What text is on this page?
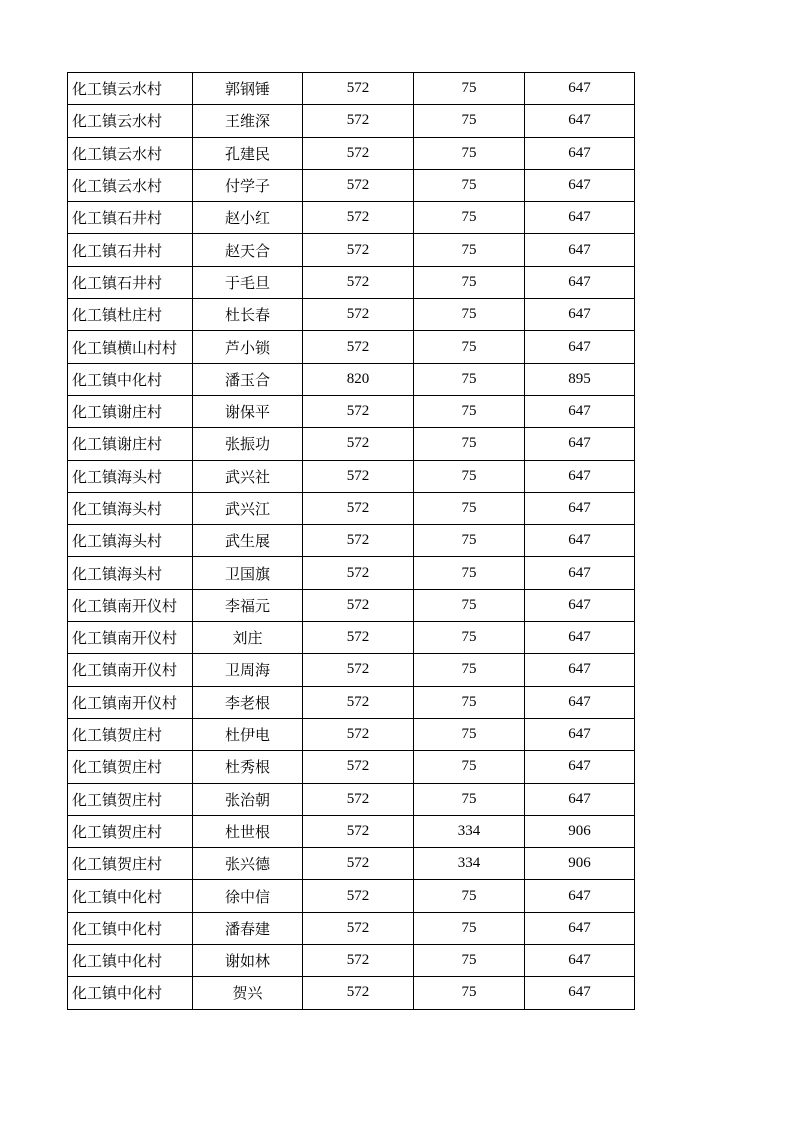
化工镇云水村	郭钢锤	572	75	647
化工镇云水村	王维深	572	75	647
化工镇云水村	孔建民	572	75	647
化工镇云水村	付学子	572	75	647
化工镇石井村	赵小红	572	75	647
化工镇石井村	赵天合	572	75	647
化工镇石井村	于毛旦	572	75	647
化工镇杜庄村	杜长春	572	75	647
化工镇横山村村	芦小锁	572	75	647
化工镇中化村	潘玉合	820	75	895
化工镇谢庄村	谢保平	572	75	647
化工镇谢庄村	张振功	572	75	647
化工镇海头村	武兴社	572	75	647
化工镇海头村	武兴江	572	75	647
化工镇海头村	武生展	572	75	647
化工镇海头村	卫国旗	572	75	647
化工镇南开仪村	李福元	572	75	647
化工镇南开仪村	刘庄	572	75	647
化工镇南开仪村	卫周海	572	75	647
化工镇南开仪村	李老根	572	75	647
化工镇贺庄村	杜伊电	572	75	647
化工镇贺庄村	杜秀根	572	75	647
化工镇贺庄村	张治朝	572	75	647
化工镇贺庄村	杜世根	572	334	906
化工镇贺庄村	张兴德	572	334	906
化工镇中化村	徐中信	572	75	647
化工镇中化村	潘春建	572	75	647
化工镇中化村	谢如林	572	75	647
化工镇中化村	贺兴	572	75	647
